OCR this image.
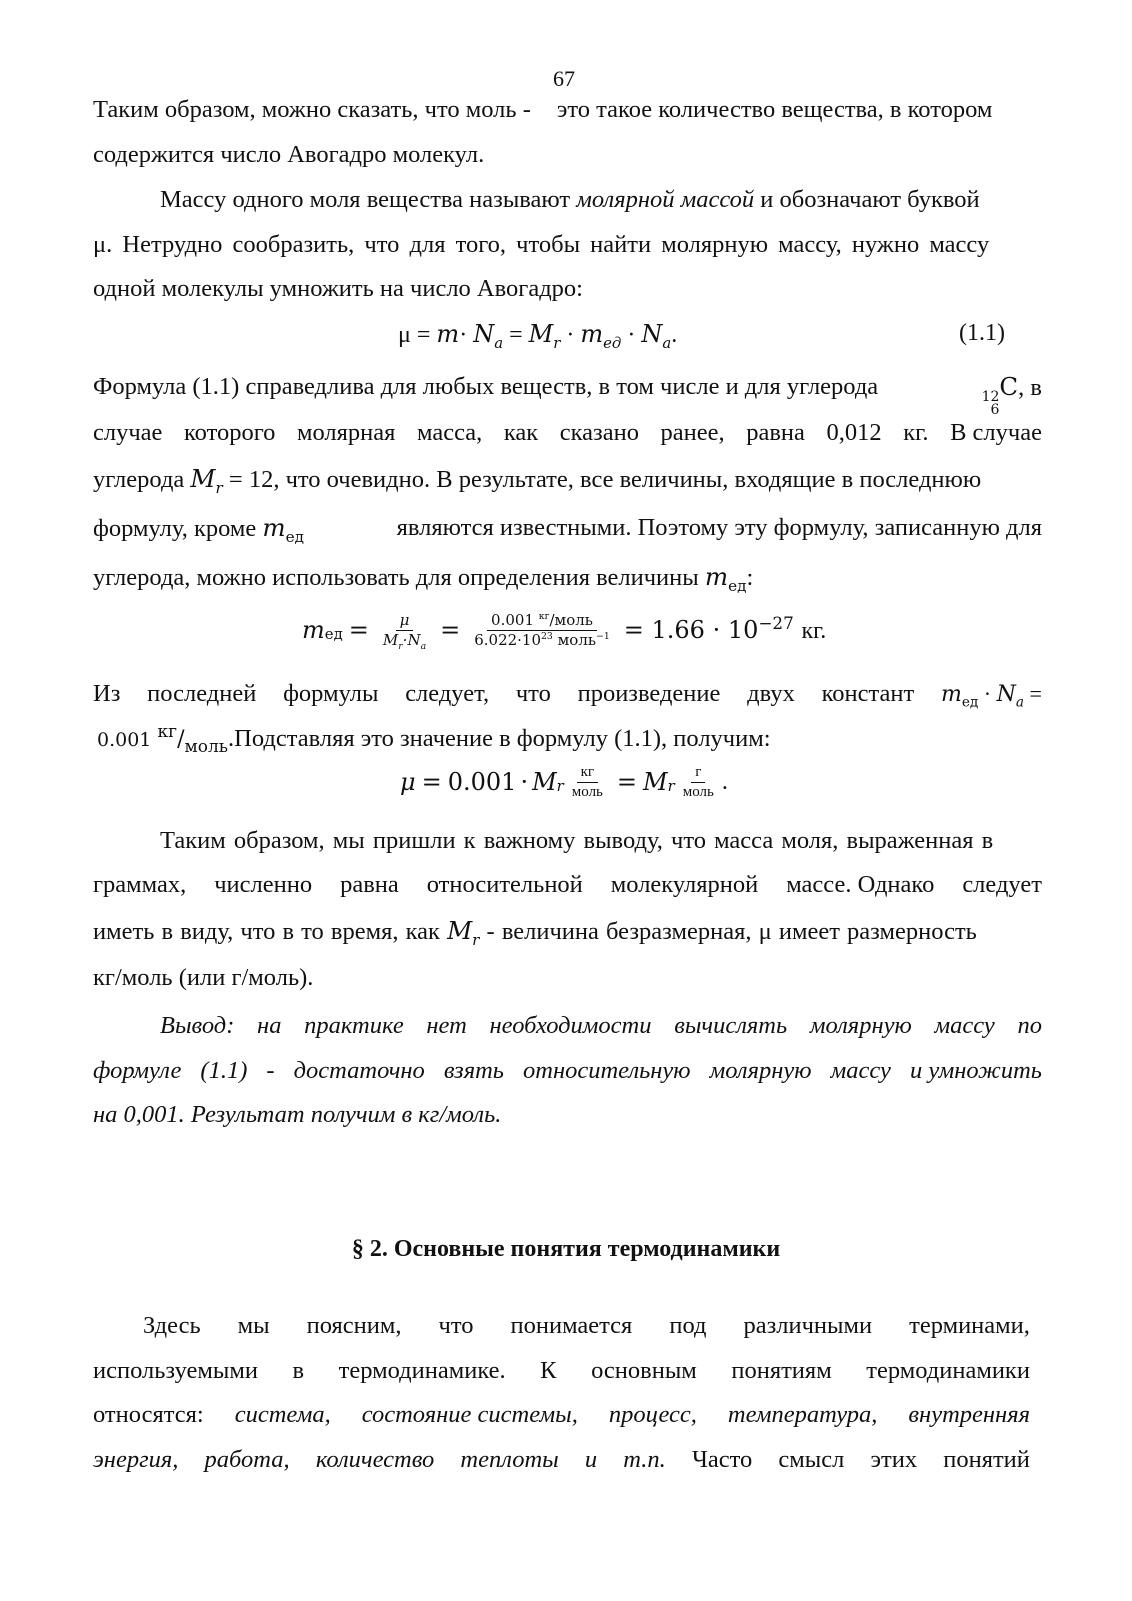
67
Таким образом, можно сказать, что моль - это такое количество вещества, в котором
содержится число Авогадро молекул.
Массу одного моля вещества называют молярной массой и обозначают буквой
μ. Нетрудно сообразить, что для того, чтобы найти молярную массу, нужно массу
одной молекулы умножить на число Авогадро:
$\mu = m\cdot N_a = M_r \cdot m_{ед} \cdot N_a$.	(1.1)
Формула (1.1) справедлива для любых веществ, в том числе и для углерода	12
6
C, в
случае которого молярная масса, как сказано ранее, равна 0,012 кг. В случае
углерода $M_r = 12$, что очевидно. В результате, все величины, входящие в последнюю
формулу, кроме $m_{ед}$	являются известными. Поэтому эту формулу, записанную для
углерода, можно использовать для определения величины $m_{ед}$:
$m_{ед} = \frac{\mu}{M_r\cdot N_a} = \frac{0.001 ^{кг}/моль}{6.022\cdot 10^{23} моль^{-1}} = 1.66 \cdot 10^{-27}$ кг.
Из последней формулы следует, что произведение двух констант $m_{ед} \cdot N_a$ =
0.001 $^{кг}/_{моль}.Подставляя$ это значение в формулу (1.1), получим:
$\mu = 0.001 \cdot M_r \frac{кг}{\text{моль}} = M_r \frac{г}{\text{моль}}$ .
Таким образом, мы пришли к важному выводу, что масса моля, выраженная в
граммах, численно равна относительной молекулярной массе. Однако следует
иметь в виду, что в то время, как $M_r$ - величина безразмерная, μ имеет размерность
кг/моль (или г/моль).
Вывод: на практике нет необходимости вычислять молярную массу по
формуле (1.1) - достаточно взять относительную молярную массу и умножить
на 0,001. Результат получим в кг/моль.
§ 2. Основные понятия термодинамики
Здесь мы поясним, что понимается под различными терминами,
используемыми в термодинамике. К основным понятиям термодинамики
относятся: система, состояние системы, процесс, температура, внутренняя
энергия, работа, количество теплоты и т.п. Часто смысл этих понятий
